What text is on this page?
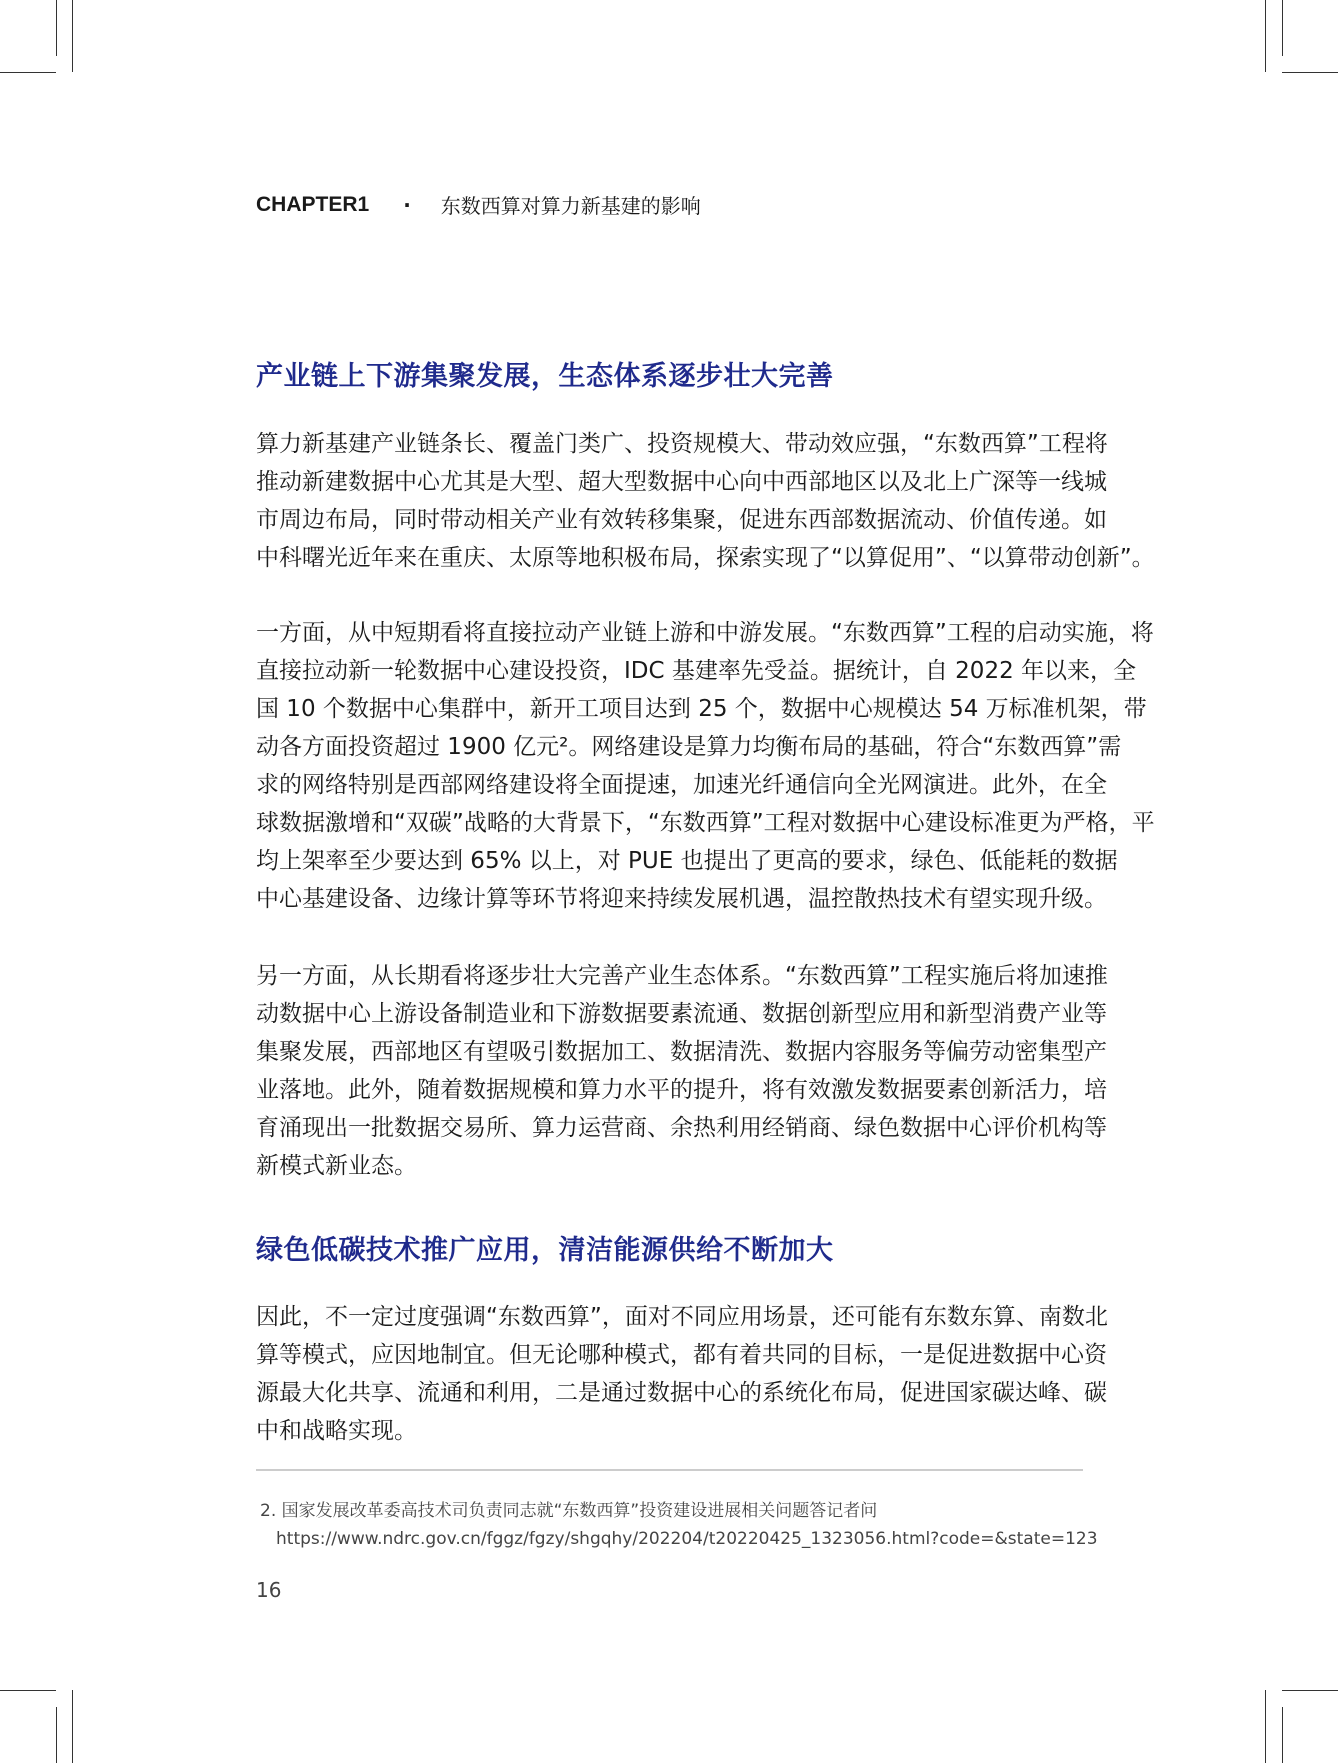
CHAPTER1 · 东数西算对算力新基建的影响
产业链上下游集聚发展，生态体系逐步壮大完善
算力新基建产业链条长、覆盖门类广、投资规模大、带动效应强，“东数西算”工程将
推动新建数据中心尤其是大型、超大型数据中心向中西部地区以及北上广深等一线城
市周边布局，同时带动相关产业有效转移集聚，促进东西部数据流动、价值传递。如
中科曙光近年来在重庆、太原等地积极布局，探索实现了“以算促用”、“以算带动创新”。
一方面，从中短期看将直接拉动产业链上游和中游发展。“东数西算”工程的启动实施，将
直接拉动新一轮数据中心建设投资，IDC 基建率先受益。据统计，自 2022 年以来，全
国 10 个数据中心集群中，新开工项目达到 25 个，数据中心规模达 54 万标准机架，带
动各方面投资超过 1900 亿元²。网络建设是算力均衡布局的基础，符合“东数西算”需
求的网络特别是西部网络建设将全面提速，加速光纤通信向全光网演进。此外，在全
球数据激增和“双碳”战略的大背景下，“东数西算”工程对数据中心建设标准更为严格，平
均上架率至少要达到 65% 以上，对 PUE 也提出了更高的要求，绿色、低能耗的数据
中心基建设备、边缘计算等环节将迎来持续发展机遇，温控散热技术有望实现升级。
另一方面，从长期看将逐步壮大完善产业生态体系。“东数西算”工程实施后将加速推
动数据中心上游设备制造业和下游数据要素流通、数据创新型应用和新型消费产业等
集聚发展，西部地区有望吸引数据加工、数据清洗、数据内容服务等偏劳动密集型产
业落地。此外，随着数据规模和算力水平的提升，将有效激发数据要素创新活力，培
育涌现出一批数据交易所、算力运营商、余热利用经销商、绿色数据中心评价机构等
新模式新业态。
绿色低碳技术推广应用，清洁能源供给不断加大
因此，不一定过度强调“东数西算”，面对不同应用场景，还可能有东数东算、南数北
算等模式，应因地制宜。但无论哪种模式，都有着共同的目标，一是促进数据中心资
源最大化共享、流通和利用，二是通过数据中心的系统化布局，促进国家碳达峰、碳
中和战略实现。
2. 国家发展改革委高技术司负责同志就“东数西算”投资建设进展相关问题答记者问
https://www.ndrc.gov.cn/fggz/fgzy/shgqhy/202204/t20220425_1323056.html?code=&state=123
16
